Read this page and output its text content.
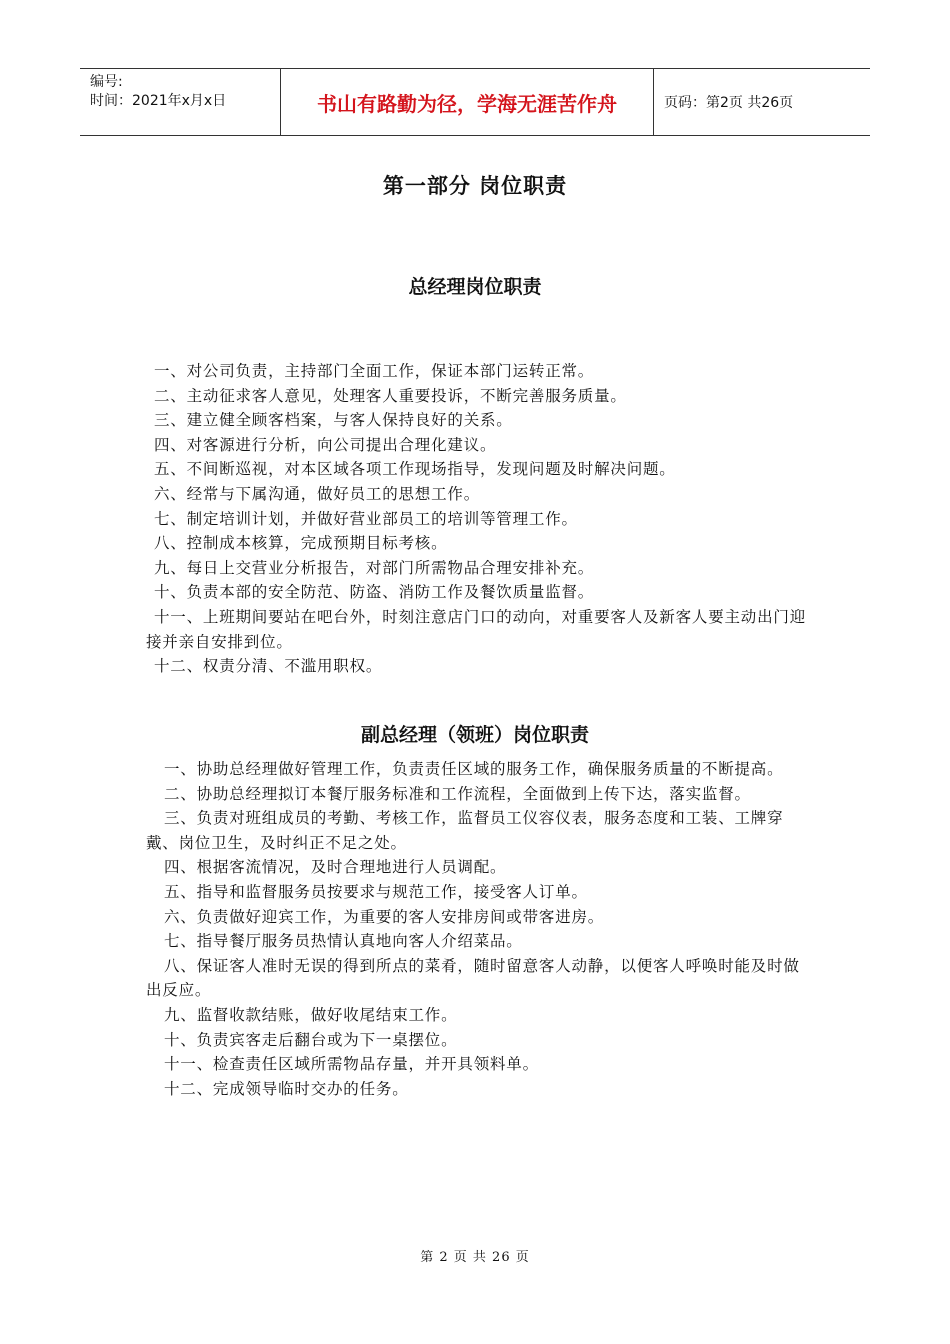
编号:
时间：2021年x月x日	书山有路勤为径，学海无涯苦作舟	页码：第2页 共26页
第一部分 岗位职责
总经理岗位职责
一、对公司负责，主持部门全面工作，保证本部门运转正常。
二、主动征求客人意见，处理客人重要投诉，不断完善服务质量。
三、建立健全顾客档案，与客人保持良好的关系。
四、对客源进行分析，向公司提出合理化建议。
五、不间断巡视，对本区域各项工作现场指导，发现问题及时解决问题。
六、经常与下属沟通，做好员工的思想工作。
七、制定培训计划，并做好营业部员工的培训等管理工作。
八、控制成本核算，完成预期目标考核。
九、每日上交营业分析报告，对部门所需物品合理安排补充。
十、负责本部的安全防范、防盗、消防工作及餐饮质量监督。
十一、上班期间要站在吧台外，时刻注意店门口的动向，对重要客人及新客人要主动出门迎接并亲自安排到位。
十二、权责分清、不滥用职权。
副总经理（领班）岗位职责
一、协助总经理做好管理工作，负责责任区域的服务工作，确保服务质量的不断提高。
二、协助总经理拟订本餐厅服务标准和工作流程，全面做到上传下达，落实监督。
三、负责对班组成员的考勤、考核工作，监督员工仪容仪表，服务态度和工装、工牌穿戴、岗位卫生，及时纠正不足之处。
四、根据客流情况，及时合理地进行人员调配。
五、指导和监督服务员按要求与规范工作，接受客人订单。
六、负责做好迎宾工作，为重要的客人安排房间或带客进房。
七、指导餐厅服务员热情认真地向客人介绍菜品。
八、保证客人准时无误的得到所点的菜肴，随时留意客人动静，以便客人呼唤时能及时做出反应。
九、监督收款结账，做好收尾结束工作。
十、负责宾客走后翻台或为下一桌摆位。
十一、检查责任区域所需物品存量，并开具领料单。
十二、完成领导临时交办的任务。
第 2 页 共 26 页
